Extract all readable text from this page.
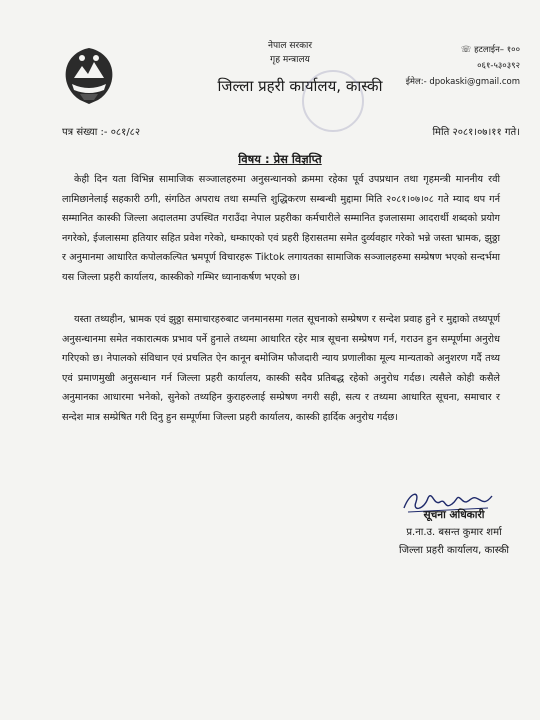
नेपाल सरकार
गृह मन्त्रालय
जिल्ला प्रहरी कार्यालय, कास्की
☏ हटलाईन– १००
०६१-५३०३९२
ईमेल:- dpokaski@gmail.com
पत्र संख्या :- ०८१/८२	मिति २०८१।०७।११ गते।
विषय : प्रेस विज्ञप्ति

केही दिन यता विभिन्न सामाजिक सञ्जालहरुमा अनुसन्धानको क्रममा रहेका पूर्व उपप्रधान तथा गृहमन्त्री माननीय रवी लामिछानेलाई सहकारी ठगी, संगठित अपराध तथा सम्पत्ति शुद्धिकरण सम्बन्धी मुद्दामा मिति २०८१।०७।०८ गते म्याद थप गर्न सम्मानित कास्की जिल्ला अदालतमा उपस्थित गराउँदा नेपाल प्रहरीका कर्मचारीले सम्मानित इजलासमा आदरार्थी शब्दको प्रयोग नगरेको, ईजलासमा हतियार सहित प्रवेश गरेको, धम्काएको एवं प्रहरी हिरासतमा समेत दुर्व्यवहार गरेको भन्ने जस्ता भ्रामक, झुठ्ठा र अनुमानमा आधारित कपोलकल्पित भ्रमपूर्ण विचारहरू Tiktok लगायतका सामाजिक सञ्जालहरुमा सम्प्रेषण भएको सन्दर्भमा यस जिल्ला प्रहरी कार्यालय, कास्कीको गम्भिर ध्यानाकर्षण भएको छ।

यस्ता तथ्यहीन, भ्रामक एवं झुठ्ठा समाचारहरुबाट जनमानसमा गलत सूचनाको सम्प्रेषण र सन्देश प्रवाह हुने र मुद्दाको तथ्यपूर्ण अनुसन्धानमा समेत नकारात्मक प्रभाव पर्ने हुनाले तथ्यमा आधारित रहेर मात्र सूचना सम्प्रेषण गर्न, गराउन हुन सम्पूर्णमा अनुरोध गरिएको छ। नेपालको संविधान एवं प्रचलित ऐन कानून बमोजिम फौजदारी न्याय प्रणालीका मूल्य मान्यताको अनुशरण गर्दै तथ्य एवं प्रमाणमुखी अनुसन्धान गर्न जिल्ला प्रहरी कार्यालय, कास्की सदैव प्रतिबद्ध रहेको अनुरोध गर्दछ। त्यसैले कोही कसैले अनुमानका आधारमा भनेको, सुनेको तथ्यहिन कुराहरुलाई सम्प्रेषण नगरी सही, सत्य र तथ्यमा आधारित सूचना, समाचार र सन्देश मात्र सम्प्रेषित गरी दिनु हुन सम्पूर्णमा जिल्ला प्रहरी कार्यालय, कास्की हार्दिक अनुरोध गर्दछ।

सूचना अधिकारी
प्र.ना.उ. बसन्त कुमार शर्मा
जिल्ला प्रहरी कार्यालय, कास्की
